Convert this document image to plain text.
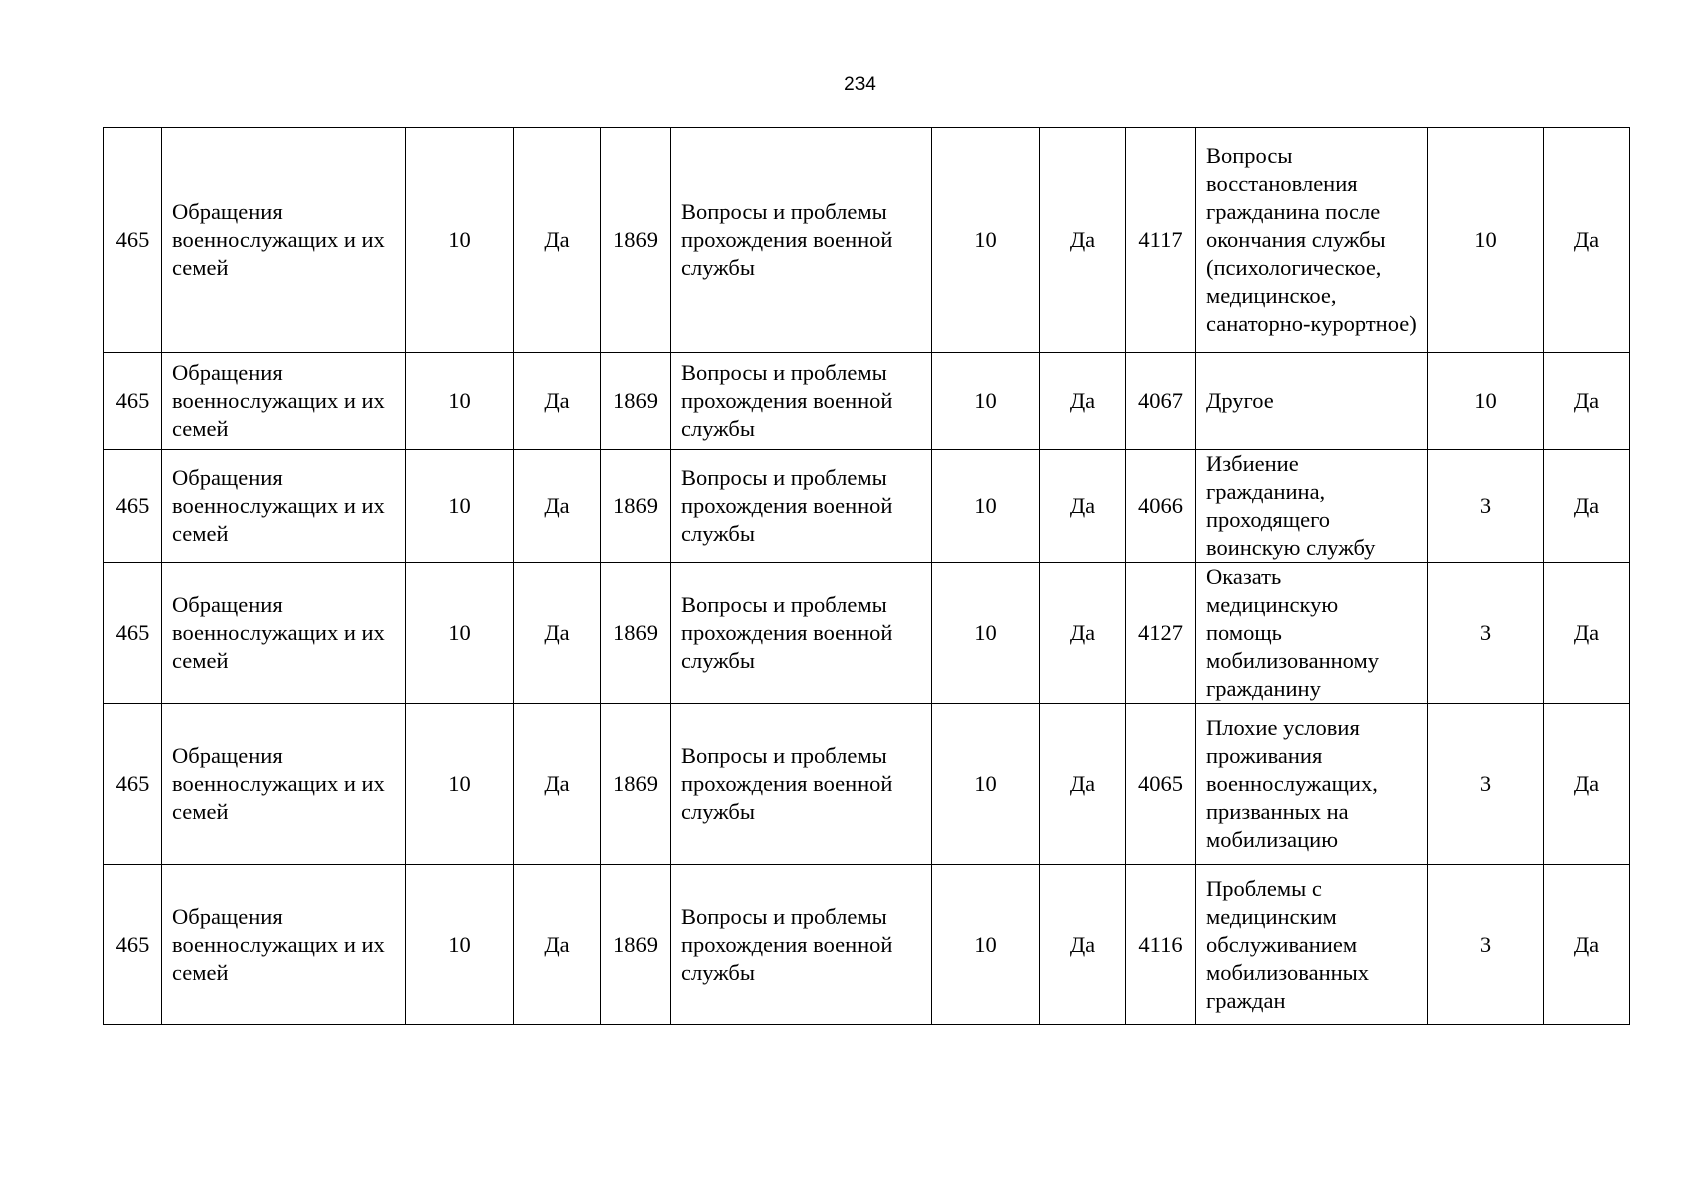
234
465	Обращения военнослужащих и их семей	10	Да	1869	Вопросы и проблемы прохождения военной службы	10	Да	4117	Вопросы восстановления гражданина после окончания службы (психологическое, медицинское, санаторно-курортное)	10	Да
465	Обращения военнослужащих и их семей	10	Да	1869	Вопросы и проблемы прохождения военной службы	10	Да	4067	Другое	10	Да
465	Обращения военнослужащих и их семей	10	Да	1869	Вопросы и проблемы прохождения военной службы	10	Да	4066	Избиение гражданина, проходящего воинскую службу	3	Да
465	Обращения военнослужащих и их семей	10	Да	1869	Вопросы и проблемы прохождения военной службы	10	Да	4127	Оказать медицинскую помощь мобилизованному гражданину	3	Да
465	Обращения военнослужащих и их семей	10	Да	1869	Вопросы и проблемы прохождения военной службы	10	Да	4065	Плохие условия проживания военнослужащих, призванных на мобилизацию	3	Да
465	Обращения военнослужащих и их семей	10	Да	1869	Вопросы и проблемы прохождения военной службы	10	Да	4116	Проблемы с медицинским обслуживанием мобилизованных граждан	3	Да
